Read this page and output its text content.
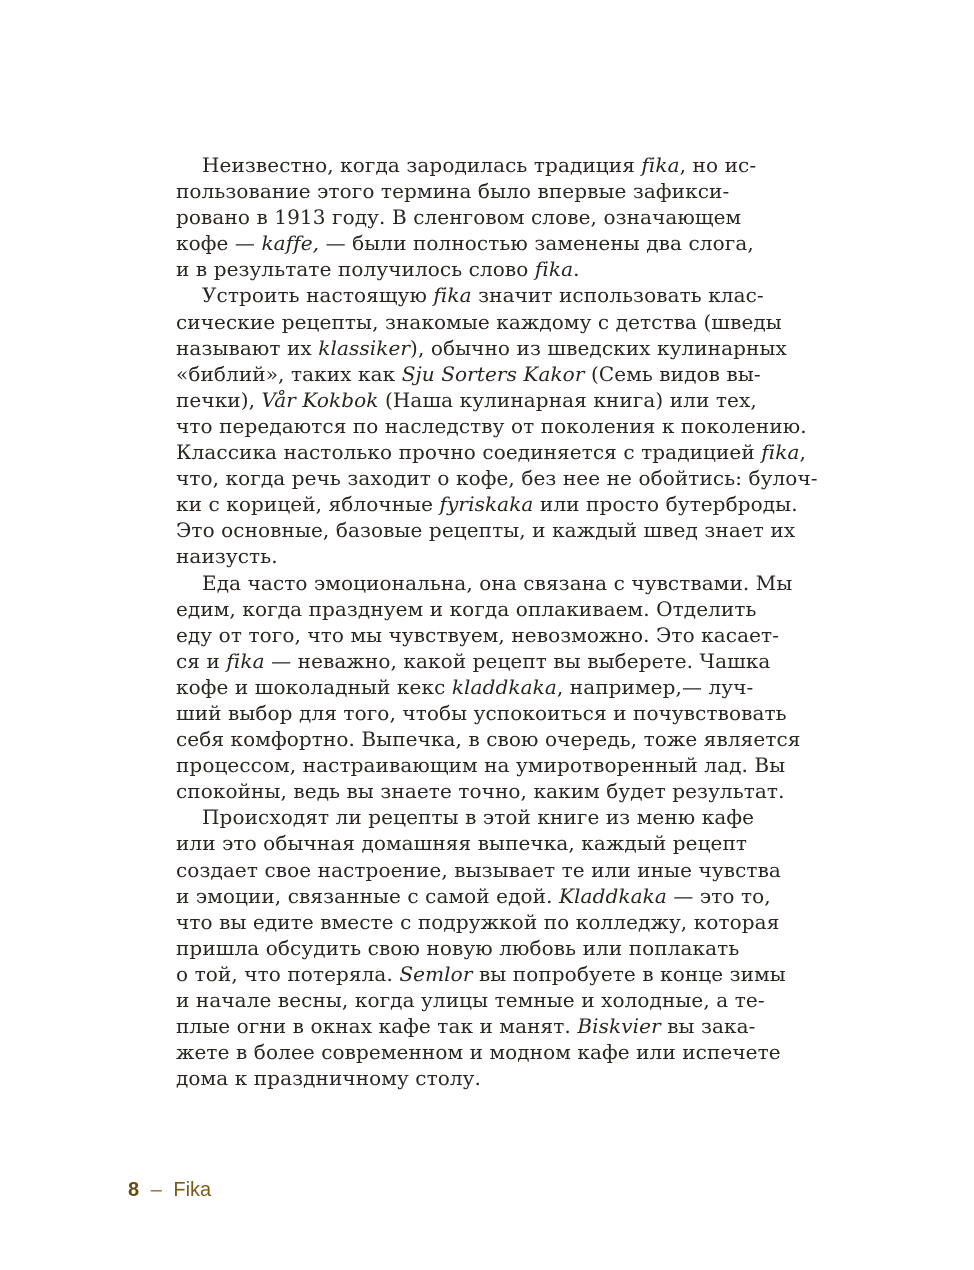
Неизвестно, когда зародилась традиция fika, но ис-
пользование этого термина было впервые зафикси-
ровано в 1913 году. В сленговом слове, означающем
кофе — kaffe, — были полностью заменены два слога,
и в результате получилось слово fika.
Устроить настоящую fika значит использовать клас-
сические рецепты, знакомые каждому с детства (шведы
называют их klassiker), обычно из шведских кулинарных
«библий», таких как Sju Sorters Kakor (Семь видов вы-
печки), Vår Kokbok (Наша кулинарная книга) или тех,
что передаются по наследству от поколения к поколению.
Классика настолько прочно соединяется с традицией fika,
что, когда речь заходит о кофе, без нее не обойтись: булоч-
ки с корицей, яблочные fyriskaka или просто бутерброды.
Это основные, базовые рецепты, и каждый швед знает их
наизусть.
Еда часто эмоциональна, она связана с чувствами. Мы
едим, когда празднуем и когда оплакиваем. Отделить
еду от того, что мы чувствуем, невозможно. Это касает-
ся и fika — неважно, какой рецепт вы выберете. Чашка
кофе и шоколадный кекс kladdkaka, например,— луч-
ший выбор для того, чтобы успокоиться и почувствовать
себя комфортно. Выпечка, в свою очередь, тоже является
процессом, настраивающим на умиротворенный лад. Вы
спокойны, ведь вы знаете точно, каким будет результат.
Происходят ли рецепты в этой книге из меню кафе
или это обычная домашняя выпечка, каждый рецепт
создает свое настроение, вызывает те или иные чувства
и эмоции, связанные с самой едой. Kladdkaka — это то,
что вы едите вместе с подружкой по колледжу, которая
пришла обсудить свою новую любовь или поплакать
о той, что потеряла. Semlor вы попробуете в конце зимы
и начале весны, когда улицы темные и холодные, а те-
плые огни в окнах кафе так и манят. Biskvier вы зака-
жете в более современном и модном кафе или испечете
дома к праздничному столу.
8 – Fika
